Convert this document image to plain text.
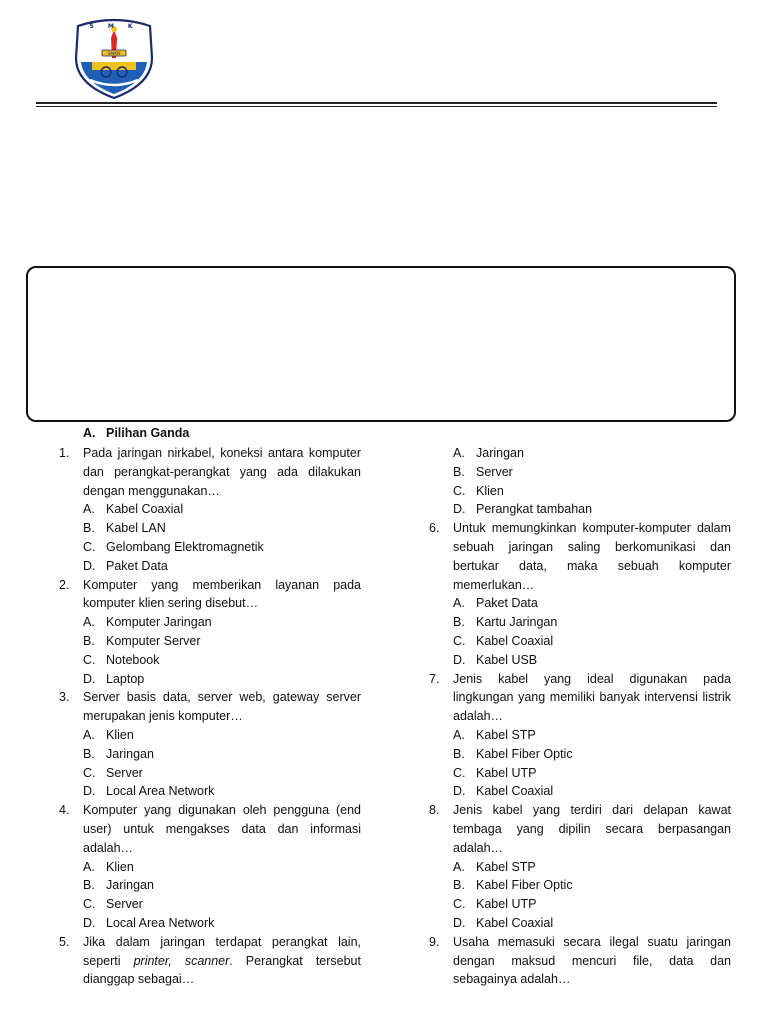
SMKN
S M K
A. Pilihan Ganda
1.	Pada jaringan nirkabel, koneksi antara komputer dan perangkat-perangkat yang ada dilakukan dengan menggunakan…
A. Kabel Coaxial
B. Kabel LAN
C. Gelombang Elektromagnetik
D. Paket Data
2.	Komputer yang memberikan layanan pada komputer klien sering disebut…
A. Komputer Jaringan
B. Komputer Server
C. Notebook
D. Laptop
3.	Server basis data, server web, gateway server merupakan jenis komputer…
A. Klien
B. Jaringan
C. Server
D. Local Area Network
4.	Komputer yang digunakan oleh pengguna (end user) untuk mengakses data dan informasi adalah…
A. Klien
B. Jaringan
C. Server
D. Local Area Network
5.	Jika dalam jaringan terdapat perangkat lain, seperti printer, scanner. Perangkat tersebut dianggap sebagai…
A. Jaringan
B. Server
C. Klien
D. Perangkat tambahan
6.	Untuk memungkinkan komputer-komputer dalam sebuah jaringan saling berkomunikasi dan bertukar data, maka sebuah komputer memerlukan…
A. Paket Data
B. Kartu Jaringan
C. Kabel Coaxial
D. Kabel USB
7.	Jenis kabel yang ideal digunakan pada lingkungan yang memiliki banyak intervensi listrik adalah…
A. Kabel STP
B. Kabel Fiber Optic
C. Kabel UTP
D. Kabel Coaxial
8.	Jenis kabel yang terdiri dari delapan kawat tembaga yang dipilin secara berpasangan adalah…
A. Kabel STP
B. Kabel Fiber Optic
C. Kabel UTP
D. Kabel Coaxial
9.	Usaha memasuki secara ilegal suatu jaringan dengan maksud mencuri file, data dan sebagainya adalah…
